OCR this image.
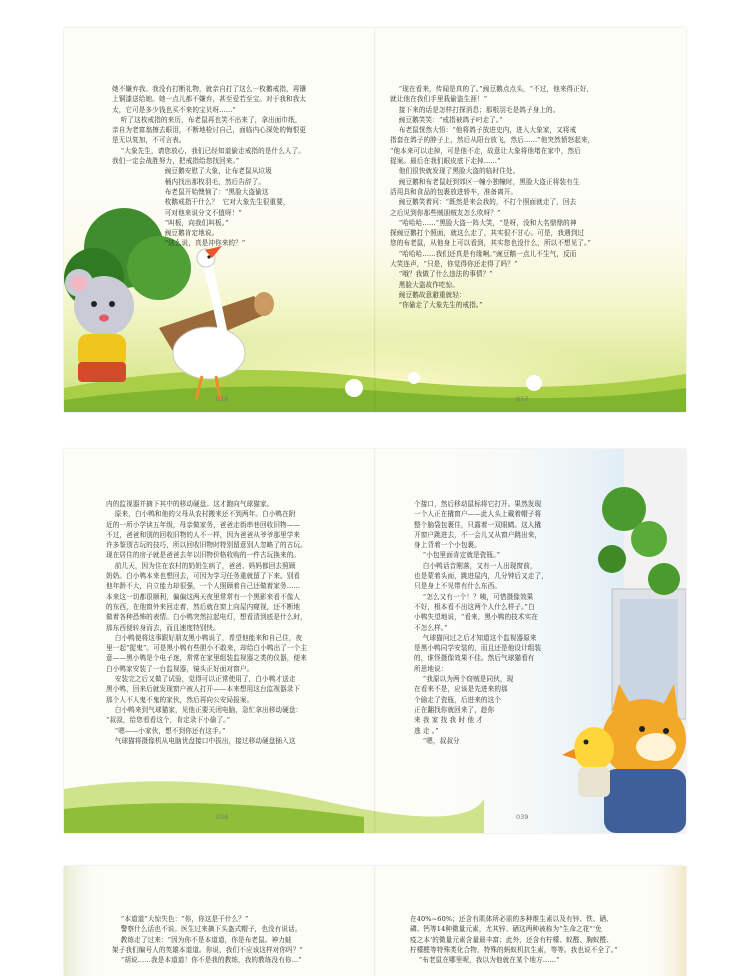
她不嫌弃我。我没有打断礼物，就亲自打了这么一枚鹅戒指，再镶

上铜漆送给她。她一点儿都不嫌弃，甚至爱若至宝。对于我和我太

太，它可是多少钱也买不来的宝贝呀……”

听了这枚戒指的来历，布老鼠再也笑不出来了，拿出面巾纸，

亲自为老富翁擦去眼泪，不断地检讨自己，面临内心深处的悔恨更

是无以复加，不可言表。

“大象先生，请您放心，我们已经知道偷走戒指的是什么人了。

我们一定会战胜努力，把戒指给您找回来。”

豌豆鹅安慰了大象，让布老鼠从垃圾

桶内找出那枚羽毛，然后告辞了。

布老鼠开始懊恼了：“黑脸大盗偷这

枚鹅戒指干什么？  它对大象先生很重要，

可对他来说分文不值呀！”

“叫板，向我们叫板。”

豌豆鹅肯定地说。

“这么说，真是冲你来的？”

“现在看来，传闻是真的了。”豌豆鹅点点头，“不过，他来得正好，

就让他在我们手里栽偷盗生涯！”

接下来的话是怎样打探消息；那根羽毛是鸽子身上的。

豌豆鹅笑笑：“戒指被鸽子叼走了。”

布老鼠恍然大悟：“他将鸽子放进史内，进入大象家，又将戒

指套在鸽子的脖子上，然后从阳台放飞，然后……”他突然愤怒起来，

“他本来可以走掉，可是他不走，故意让大象将他堵在家中，然后

捉案。最后在我们眼皮底下走掉……”

他们很快就发现了黑脸大盗的临时住处。

豌豆鹅和布老鼠赶到郊区一幢小独幢时，黑脸大盗正将装有生

活用具和食品的包裹放进轿车，准备离开。

豌豆鹅笑着问：“既然是来会我的，不打个照面就走了，回去

之后见到你那些贼朋贼友怎么吹呀？”

“哈哈哈……”黑脸大盗一阵大笑，“是呀，没和大名鼎鼎的神

探豌豆鹅打个照面，就这么走了，其实很不甘心。可是，我遇到过

您的布老鼠，从他身上可以看到，其实您也没什么，所以不想见了。”

“哈哈哈……我们还真是有缘啊。”豌豆鹅一点儿不生气，反而

大笑连声，“只是，你觉得你还走得了吗？”

“哦？我做了什么违法的事情？”

黑脸大盗故作吃惊。

豌豆鹅故意避重就轻：

“你偷走了大象先生的戒指。”

016	017

内的监视器并摘下其中的移动硬盘。这才跑向气球猫家。

原来，白小鸭和他的父母从农村搬来还不到两年。白小鸭在附

近的一所小学读五年级，母亲做家务，爸爸走街串巷回收旧物——

不过，爸爸和别的回收旧物的人不一样，因为爸爸从爷爷那里学来

许多鉴别古玩的技巧，所以回收旧物时特别留意别人忽略了的古玩。

现在居住的房子就是爸爸去年以旧物价格收购的一件古玩换来的。

前几天，因为住在农村的奶奶生病了，爸爸、妈妈都回去照顾

奶奶。白小鸭本来也想回去，可因为学习任务重就留了下来。别看

他年龄不大，自立能力却很强，一个人照顾着自己还做着家务……

本来这一切都很顺利，偏偏这两天夜里常常有一个黑影来看不像人

的东西，在他窗外来回走着，然后就在窗上向屋内窥视，还不断地

做着各种恐怖的表情。白小鸭突然拉起电灯，想看清到底是什么时，

那东西便转身而去，而且速度特别快。

白小鸭便将这事跟好朋友黑小鸭说了，希望他能来和自己住，夜

里一起“捉鬼”。可是黑小鸭有些胆小不敢来，却给白小鸭出了一个主

意——黑小鸭是个电子迷，常常在家里组装监视器之类的仪器，便来

白小鸭家安装了一台监视器，镜头正好面对窗户。

安装完之后又做了试验，觉得可以正常使用了，白小鸭才送走

黑小鸭，回来后就发现窗户被人打开——本来想用这台监视器录下

那个人不人鬼不鬼的家伙，然后再向公安局报案。

白小鸭来到气球猫家，见他正要关闭电脑，急忙拿出移动硬盘：

“叔叔，给您看看这个，肯定录下小偷了。”

“嗯——小家伙，想不到你还有这手。”

气球猫将摄像机从电脑优盘接口中拔出，接过移动硬盘插入这

个接口，然后移动鼠标将它打开。果然发现

一个人正在撬窗户——此人头上戴着帽子将

整个脑袋包裹住，只露着一双眼睛。这人撬

开窗户跳进去，不一会儿又从窗户跳出来，

身上背着一个小包裹。

“小包里面肯定就是瓷瓶。”

白小鸭话音刚落，又有一人出现窗前，

也是蒙着头面，跳进屋内，几分钟后又走了，

只是身上不见带有什么东西。

“怎么又有一个！？咦，可惜摄像效果

不好，根本看不出这两个人什么样子。”白

小鸭失望地说，“看来，黑小鸭的技术实在

不怎么样。”

气球猫问过之后才知道这个监视器原来

是黑小鸭同学安装的，而且还是他设计组装

的，谁怪摄像效果不佳。然后气球猫看有

所思地说：

“我原以为两个窃贼是同伙，现

在看来不是，应该是先进来的那

个偷走了瓷瓶，后进来的这个

正在翻找你就回来了，趁你

来 我 家 找 我 时 他 才

逃 走 。”

“嗯，叔叔分

038	039

“本道道”大惊失色：“你，你这是干什么？”

警察什么话也不说。医生过来摘下头盔式帽子，也没有说话。

教练走了过来：“因为你不是本道道，你是布老鼠。神力蛙

架子我们编号人的英雄本道道。你说，我们不应该这样对你吗？”

“胡说……我是本道道！你不是我的教练，我的教练没有你…”

在40%~60%；还含有肌体所必需的多种维生素以及有锌、铁、硒、

磷、钙等14种微量元素，尤其锌、硒这两种被称为“生命之花”‘免

疫之本’的微量元素含量最丰富；此外，还含有柠檬、蚁醛、胸蚁醛、

柠檬醛等特殊类化合物，特殊的蚂蚁机抗生素，等等。我也说不全了。”

“布老鼠在哪里呢，我以为他就在某个地方……”
